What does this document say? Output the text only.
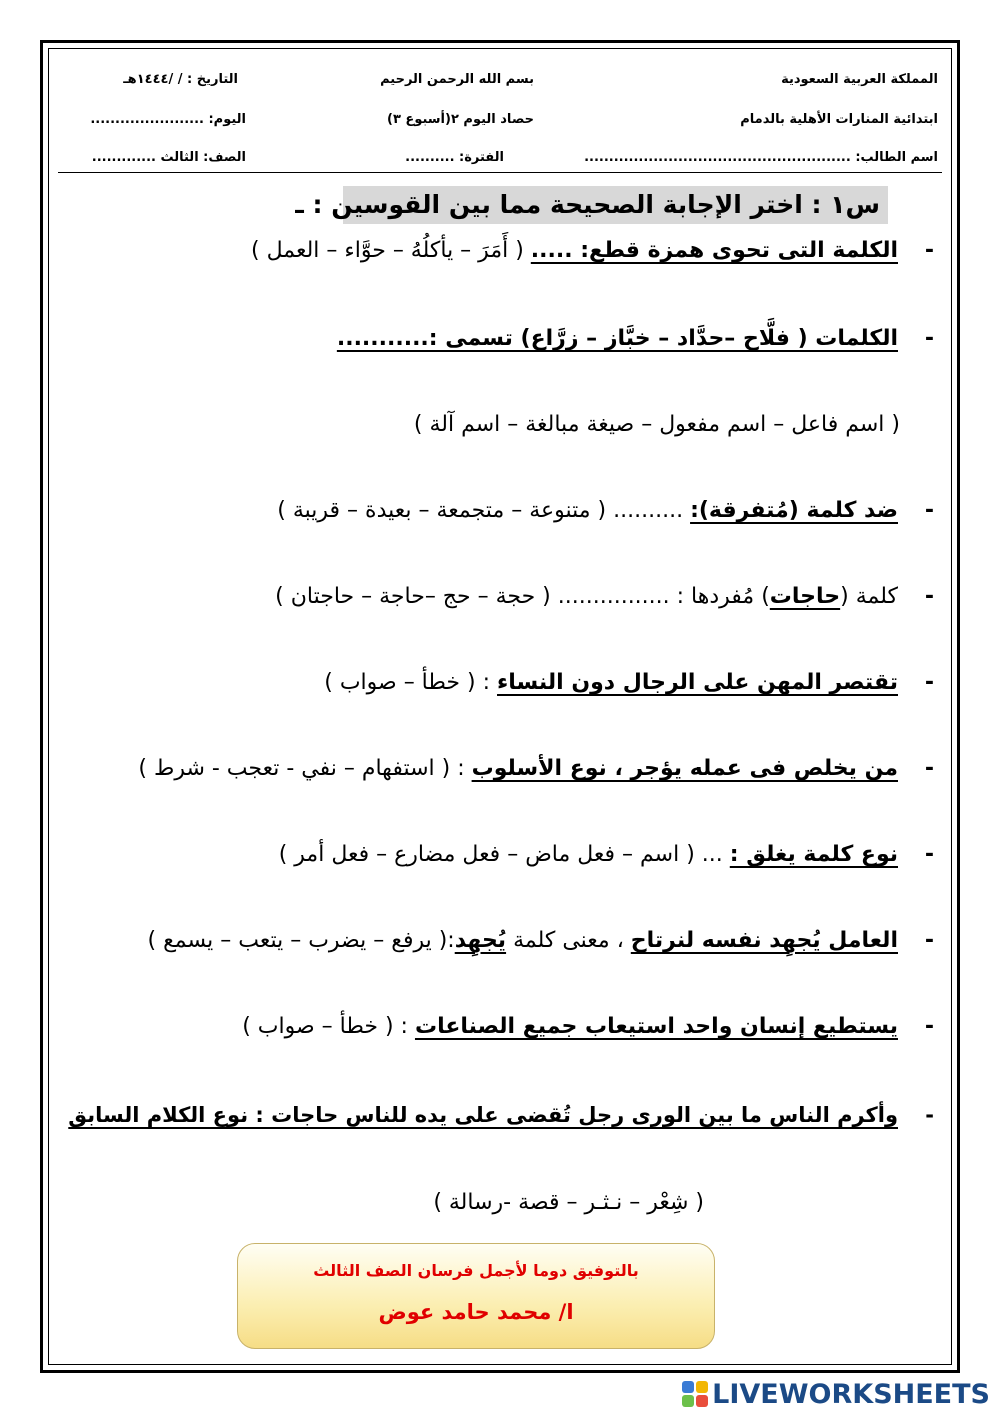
المملكة العربية السعودية
ابتدائية المنارات الأهلية بالدمام
اسم الطالب: ......................................................
بسم الله الرحمن الرحيم
حصاد اليوم ٢(أسبوع ٣)
الفترة: ..........
التاريخ : / /١٤٤٤هـ
اليوم: .......................
الصف: الثالث .............
س١ : اختر الإجابة الصحيحة مما بين القوسين : ـ
-الكلمة التى تحوى همزة قطع: ..... ( أَمَرَ – يأكلُهُ – حوَّاء – العمل )
-الكلمات ( فلَّاح –حدَّاد – خبَّاز – زرَّاع) تسمى :...........
( اسم فاعل – اسم مفعول – صيغة مبالغة – اسم آلة )
-ضد كلمة (مُتفرقة): .......... ( متنوعة – متجمعة – بعيدة – قريبة )
-كلمة (حاجات) مُفردها : ................ ( حجة – حج –حاجة – حاجتان )
-تقتصر المهن على الرجال دون النساء : ( خطأ – صواب )
-من يخلص فى عمله يؤجر ، نوع الأسلوب : ( استفهام – نفي - تعجب - شرط )
-نوع كلمة يغلق : ... ( اسم – فعل ماض – فعل مضارع – فعل أمر )
-العامل يُجهِد نفسه لنرتاح ، معنى كلمة يُجهِد:( يرفع – يضرب – يتعب – يسمع )
-يستطيع إنسان واحد استيعاب جميع الصناعات : ( خطأ – صواب )
-وأكرم الناس ما بين الورى رجل تُقضى على يده للناس حاجات : نوع الكلام السابق
( شِعْر – نـثـر – قصة -رسالة )
بالتوفيق دوما لأجمل فرسان الصف الثالث
ا/ محمد حامد عوض
LIVEWORKSHEETS
